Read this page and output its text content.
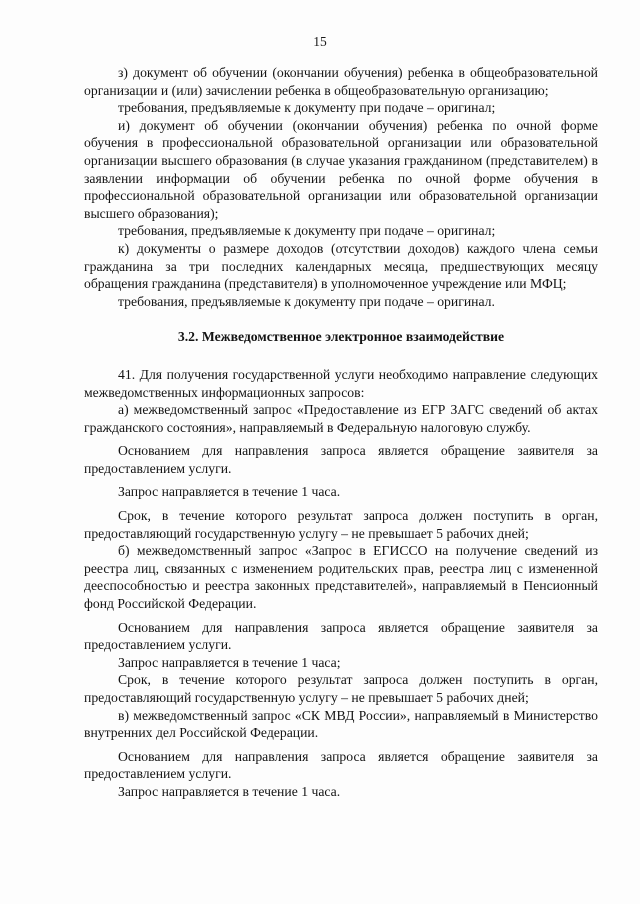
15

з) документ об обучении (окончании обучения) ребенка в общеобразовательной организации и (или) зачислении ребенка в общеобразовательную организацию;

требования, предъявляемые к документу при подаче – оригинал;

и) документ об обучении (окончании обучения) ребенка по очной форме обучения в профессиональной образовательной организации или образовательной организации высшего образования (в случае указания гражданином (представителем) в заявлении информации об обучении ребенка по очной форме обучения в профессиональной образовательной организации или образовательной организации высшего образования);

требования, предъявляемые к документу при подаче – оригинал;

к) документы о размере доходов (отсутствии доходов) каждого члена семьи гражданина за три последних календарных месяца, предшествующих месяцу обращения гражданина (представителя) в уполномоченное учреждение или МФЦ;

требования, предъявляемые к документу при подаче – оригинал.

3.2. Межведомственное электронное взаимодействие

41. Для получения государственной услуги необходимо направление следующих межведомственных информационных запросов:

а) межведомственный запрос «Предоставление из ЕГР ЗАГС сведений об актах гражданского состояния», направляемый в Федеральную налоговую службу.

Основанием для направления запроса является обращение заявителя за предоставлением услуги.

Запрос направляется в течение 1 часа.

Срок, в течение которого результат запроса должен поступить в орган, предоставляющий государственную услугу – не превышает 5 рабочих дней;

б) межведомственный запрос «Запрос в ЕГИССО на получение сведений из реестра лиц, связанных с изменением родительских прав, реестра лиц с измененной дееспособностью и реестра законных представителей», направляемый в Пенсионный фонд Российской Федерации.

Основанием для направления запроса является обращение заявителя за предоставлением услуги.

Запрос направляется в течение 1 часа;

Срок, в течение которого результат запроса должен поступить в орган, предоставляющий государственную услугу – не превышает 5 рабочих дней;

в) межведомственный запрос «СК МВД России», направляемый в Министерство внутренних дел Российской Федерации.

Основанием для направления запроса является обращение заявителя за предоставлением услуги.

Запрос направляется в течение 1 часа.
